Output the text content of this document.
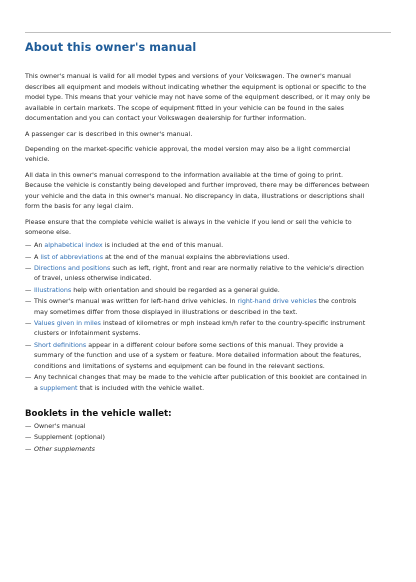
About this owner's manual

This owner's manual is valid for all model types and versions of your Volkswagen. The owner's manual describes all equipment and models without indicating whether the equipment is optional or specific to the model type. This means that your vehicle may not have some of the equipment described, or it may only be available in certain markets. The scope of equipment fitted in your vehicle can be found in the sales documentation and you can contact your Volkswagen dealership for further information.

A passenger car is described in this owner's manual.

Depending on the market-specific vehicle approval, the model version may also be a light commercial vehicle.

All data in this owner's manual correspond to the information available at the time of going to print. Because the vehicle is constantly being developed and further improved, there may be differences between your vehicle and the data in this owner's manual. No discrepancy in data, illustrations or descriptions shall form the basis for any legal claim.

Please ensure that the complete vehicle wallet is always in the vehicle if you lend or sell the vehicle to someone else.

— An alphabetical index is included at the end of this manual.
— A list of abbreviations at the end of the manual explains the abbreviations used.
— Directions and positions such as left, right, front and rear are normally relative to the vehicle's direction of travel, unless otherwise indicated.
— Illustrations help with orientation and should be regarded as a general guide.
— This owner's manual was written for left-hand drive vehicles. In right-hand drive vehicles the controls may sometimes differ from those displayed in illustrations or described in the text.
— Values given in miles instead of kilometres or mph instead km/h refer to the country-specific instrument clusters or Infotainment systems.
— Short definitions appear in a different colour before some sections of this manual. They provide a summary of the function and use of a system or feature. More detailed information about the features, conditions and limitations of systems and equipment can be found in the relevant sections.
— Any technical changes that may be made to the vehicle after publication of this booklet are contained in a supplement that is included with the vehicle wallet.
Booklets in the vehicle wallet:
— Owner's manual
— Supplement (optional)
— Other supplements
